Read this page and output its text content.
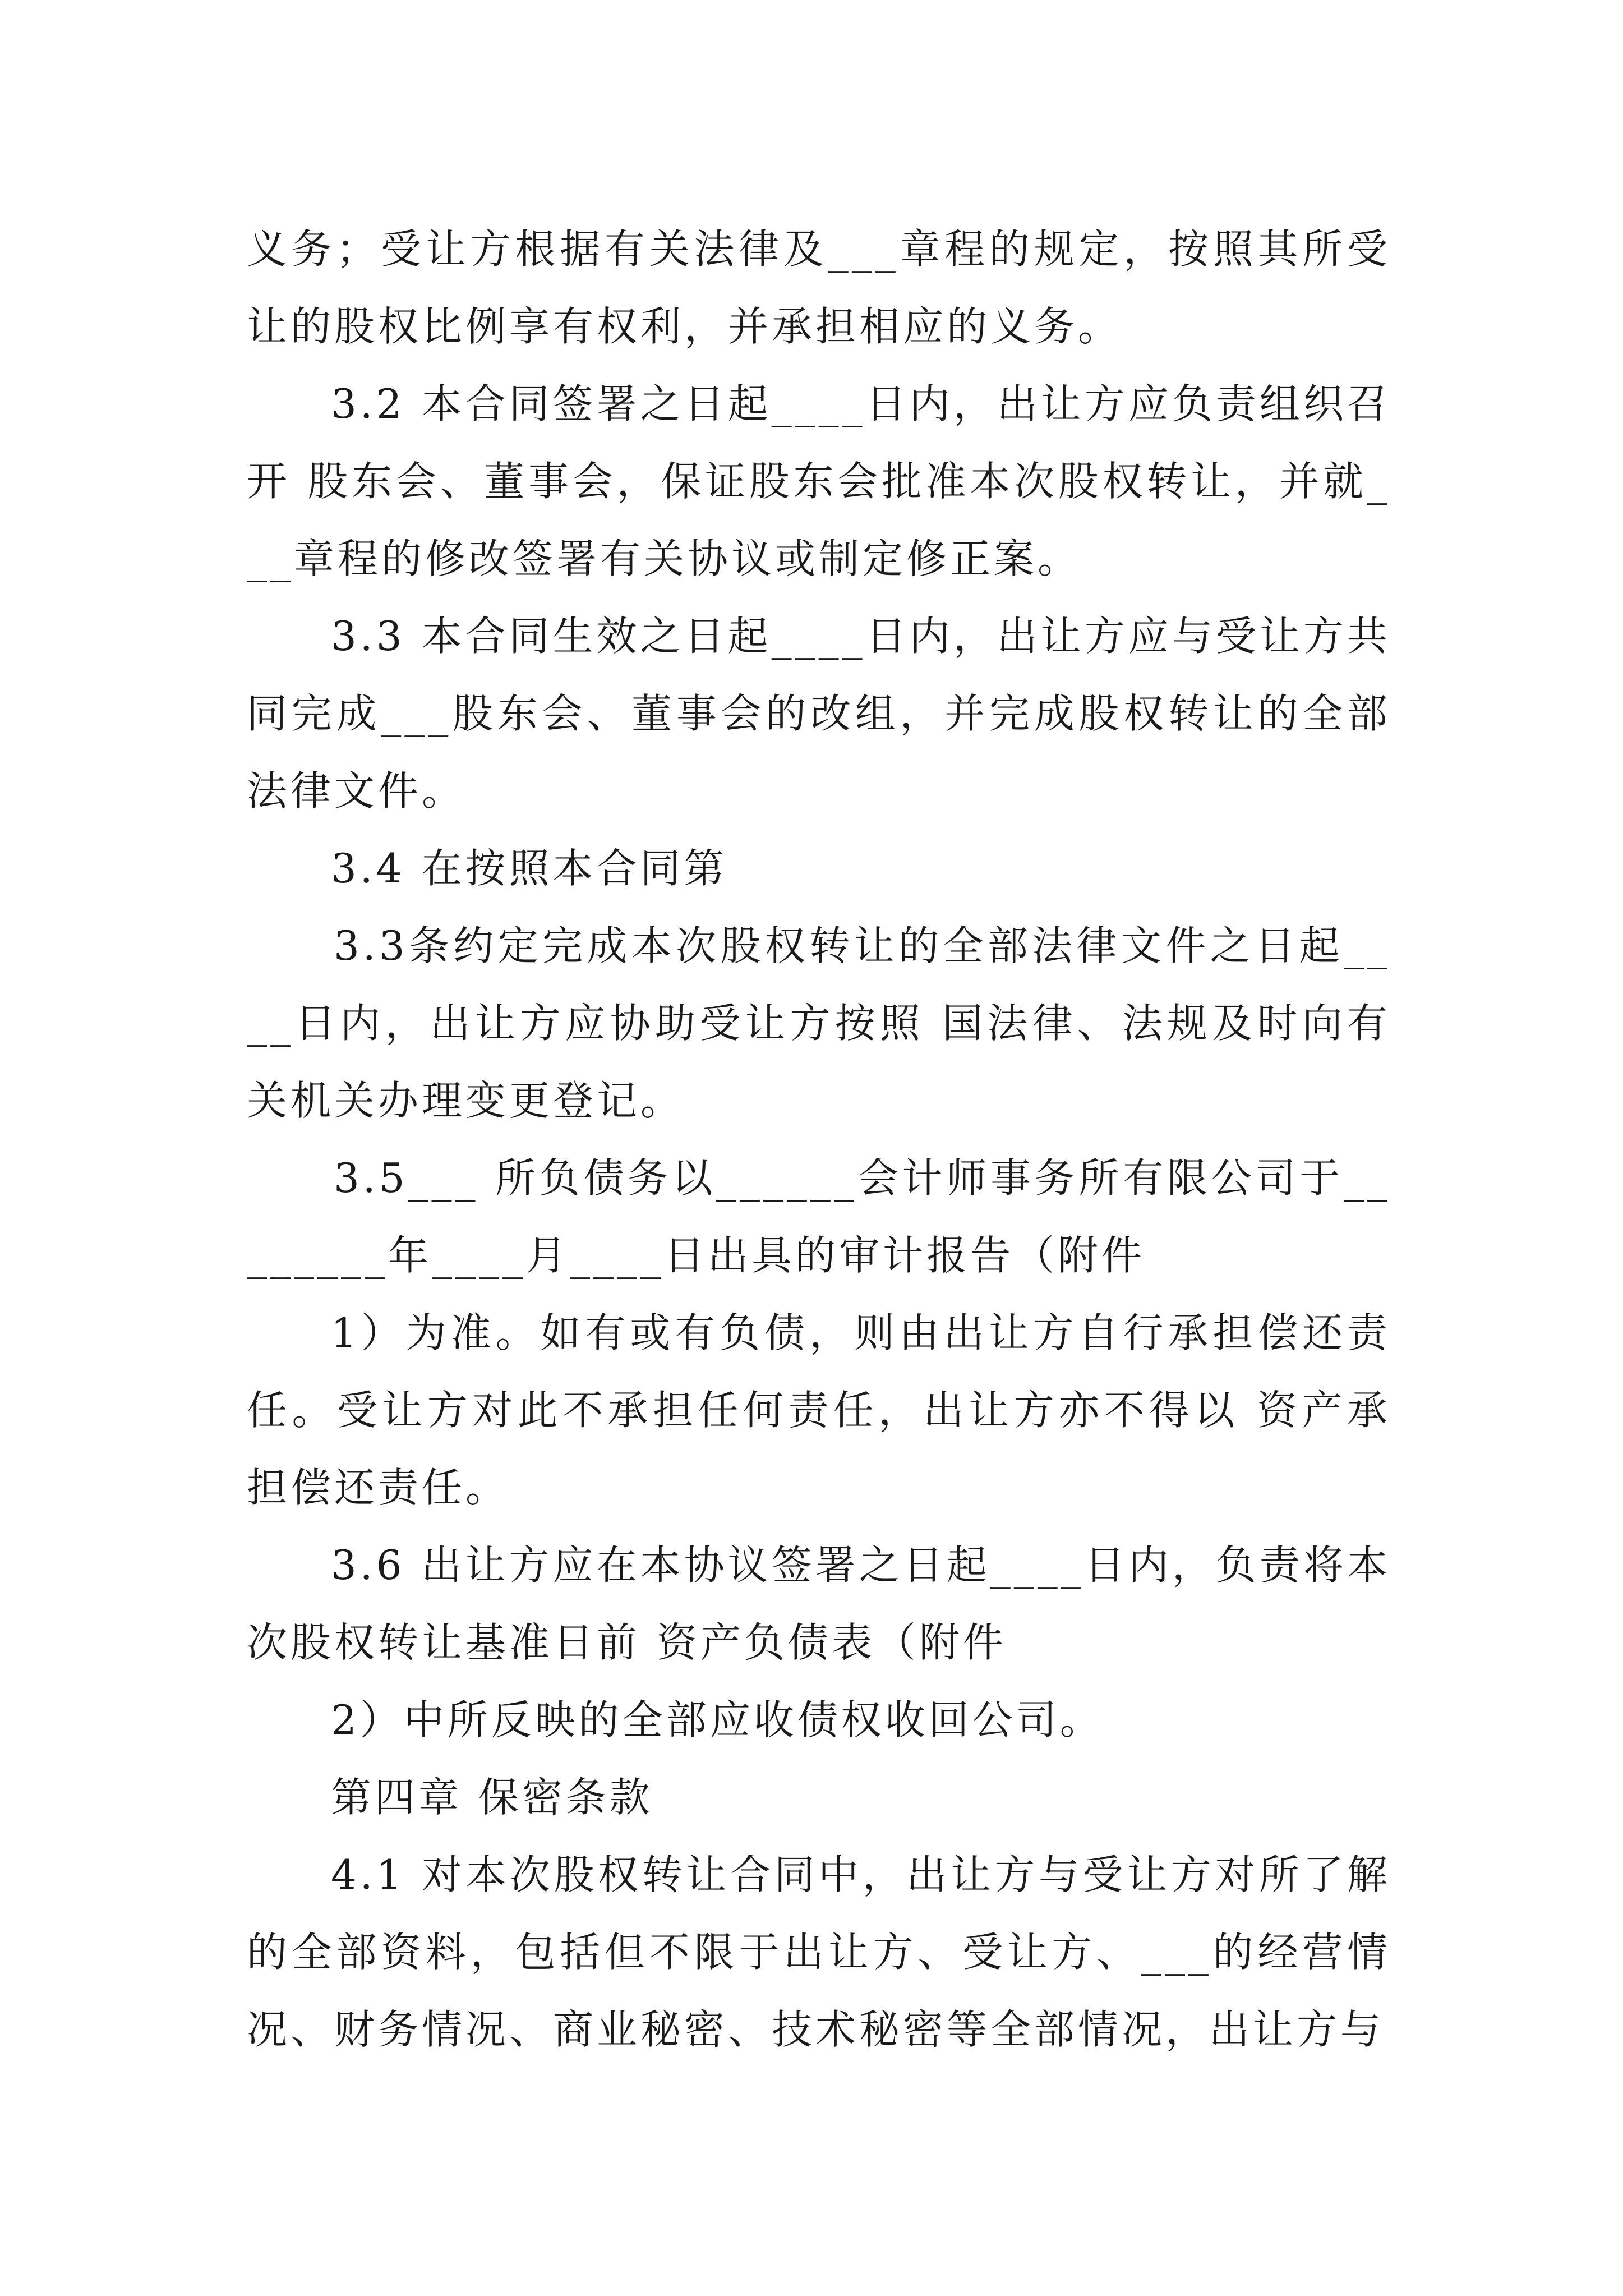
义务；受让方根据有关法律及___章程的规定，按照其所受让的股权比例享有权利，并承担相应的义务。

3.2 本合同签署之日起____日内，出让方应负责组织召开 股东会、董事会，保证股东会批准本次股权转让，并就___章程的修改签署有关协议或制定修正案。

3.3 本合同生效之日起____日内，出让方应与受让方共同完成___股东会、董事会的改组，并完成股权转让的全部法律文件。

3.4 在按照本合同第

3.3条约定完成本次股权转让的全部法律文件之日起____日内，出让方应协助受让方按照 国法律、法规及时向有关机关办理变更登记。

3.5___ 所负债务以______会计师事务所有限公司于________年____月____日出具的审计报告（附件

1）为准。如有或有负债，则由出让方自行承担偿还责任。受让方对此不承担任何责任，出让方亦不得以 资产承担偿还责任。

3.6 出让方应在本协议签署之日起____日内，负责将本次股权转让基准日前 资产负债表（附件

2）中所反映的全部应收债权收回公司。

第四章 保密条款

4.1 对本次股权转让合同中，出让方与受让方对所了解的全部资料，包括但不限于出让方、受让方、___的经营情况、财务情况、商业秘密、技术秘密等全部情况，出让方与
